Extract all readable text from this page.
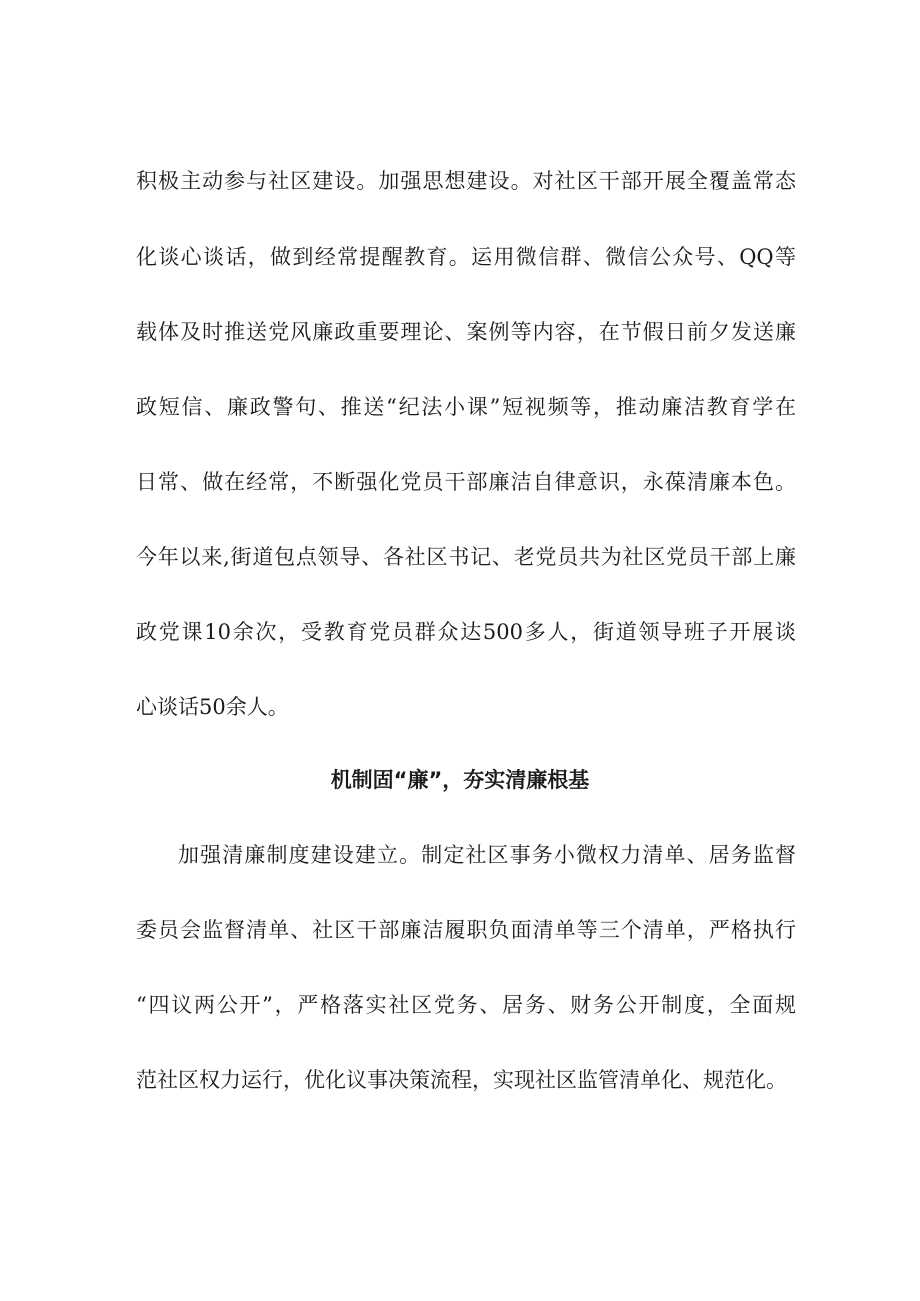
积极主动参与社区建设。加强思想建设。对社区干部开展全覆盖常态
化谈心谈话，做到经常提醒教育。运用微信群、微信公众号、QQ等
载体及时推送党风廉政重要理论、案例等内容，在节假日前夕发送廉
政短信、廉政警句、推送“纪法小课”短视频等，推动廉洁教育学在
日常、做在经常，不断强化党员干部廉洁自律意识，永葆清廉本色。
今年以来,街道包点领导、各社区书记、老党员共为社区党员干部上廉
政党课10余次，受教育党员群众达500多人，街道领导班子开展谈
心谈话50余人。
机制固“廉”，夯实清廉根基
加强清廉制度建设建立。制定社区事务小微权力清单、居务监督
委员会监督清单、社区干部廉洁履职负面清单等三个清单，严格执行
“四议两公开”，严格落实社区党务、居务、财务公开制度，全面规
范社区权力运行，优化议事决策流程，实现社区监管清单化、规范化。
